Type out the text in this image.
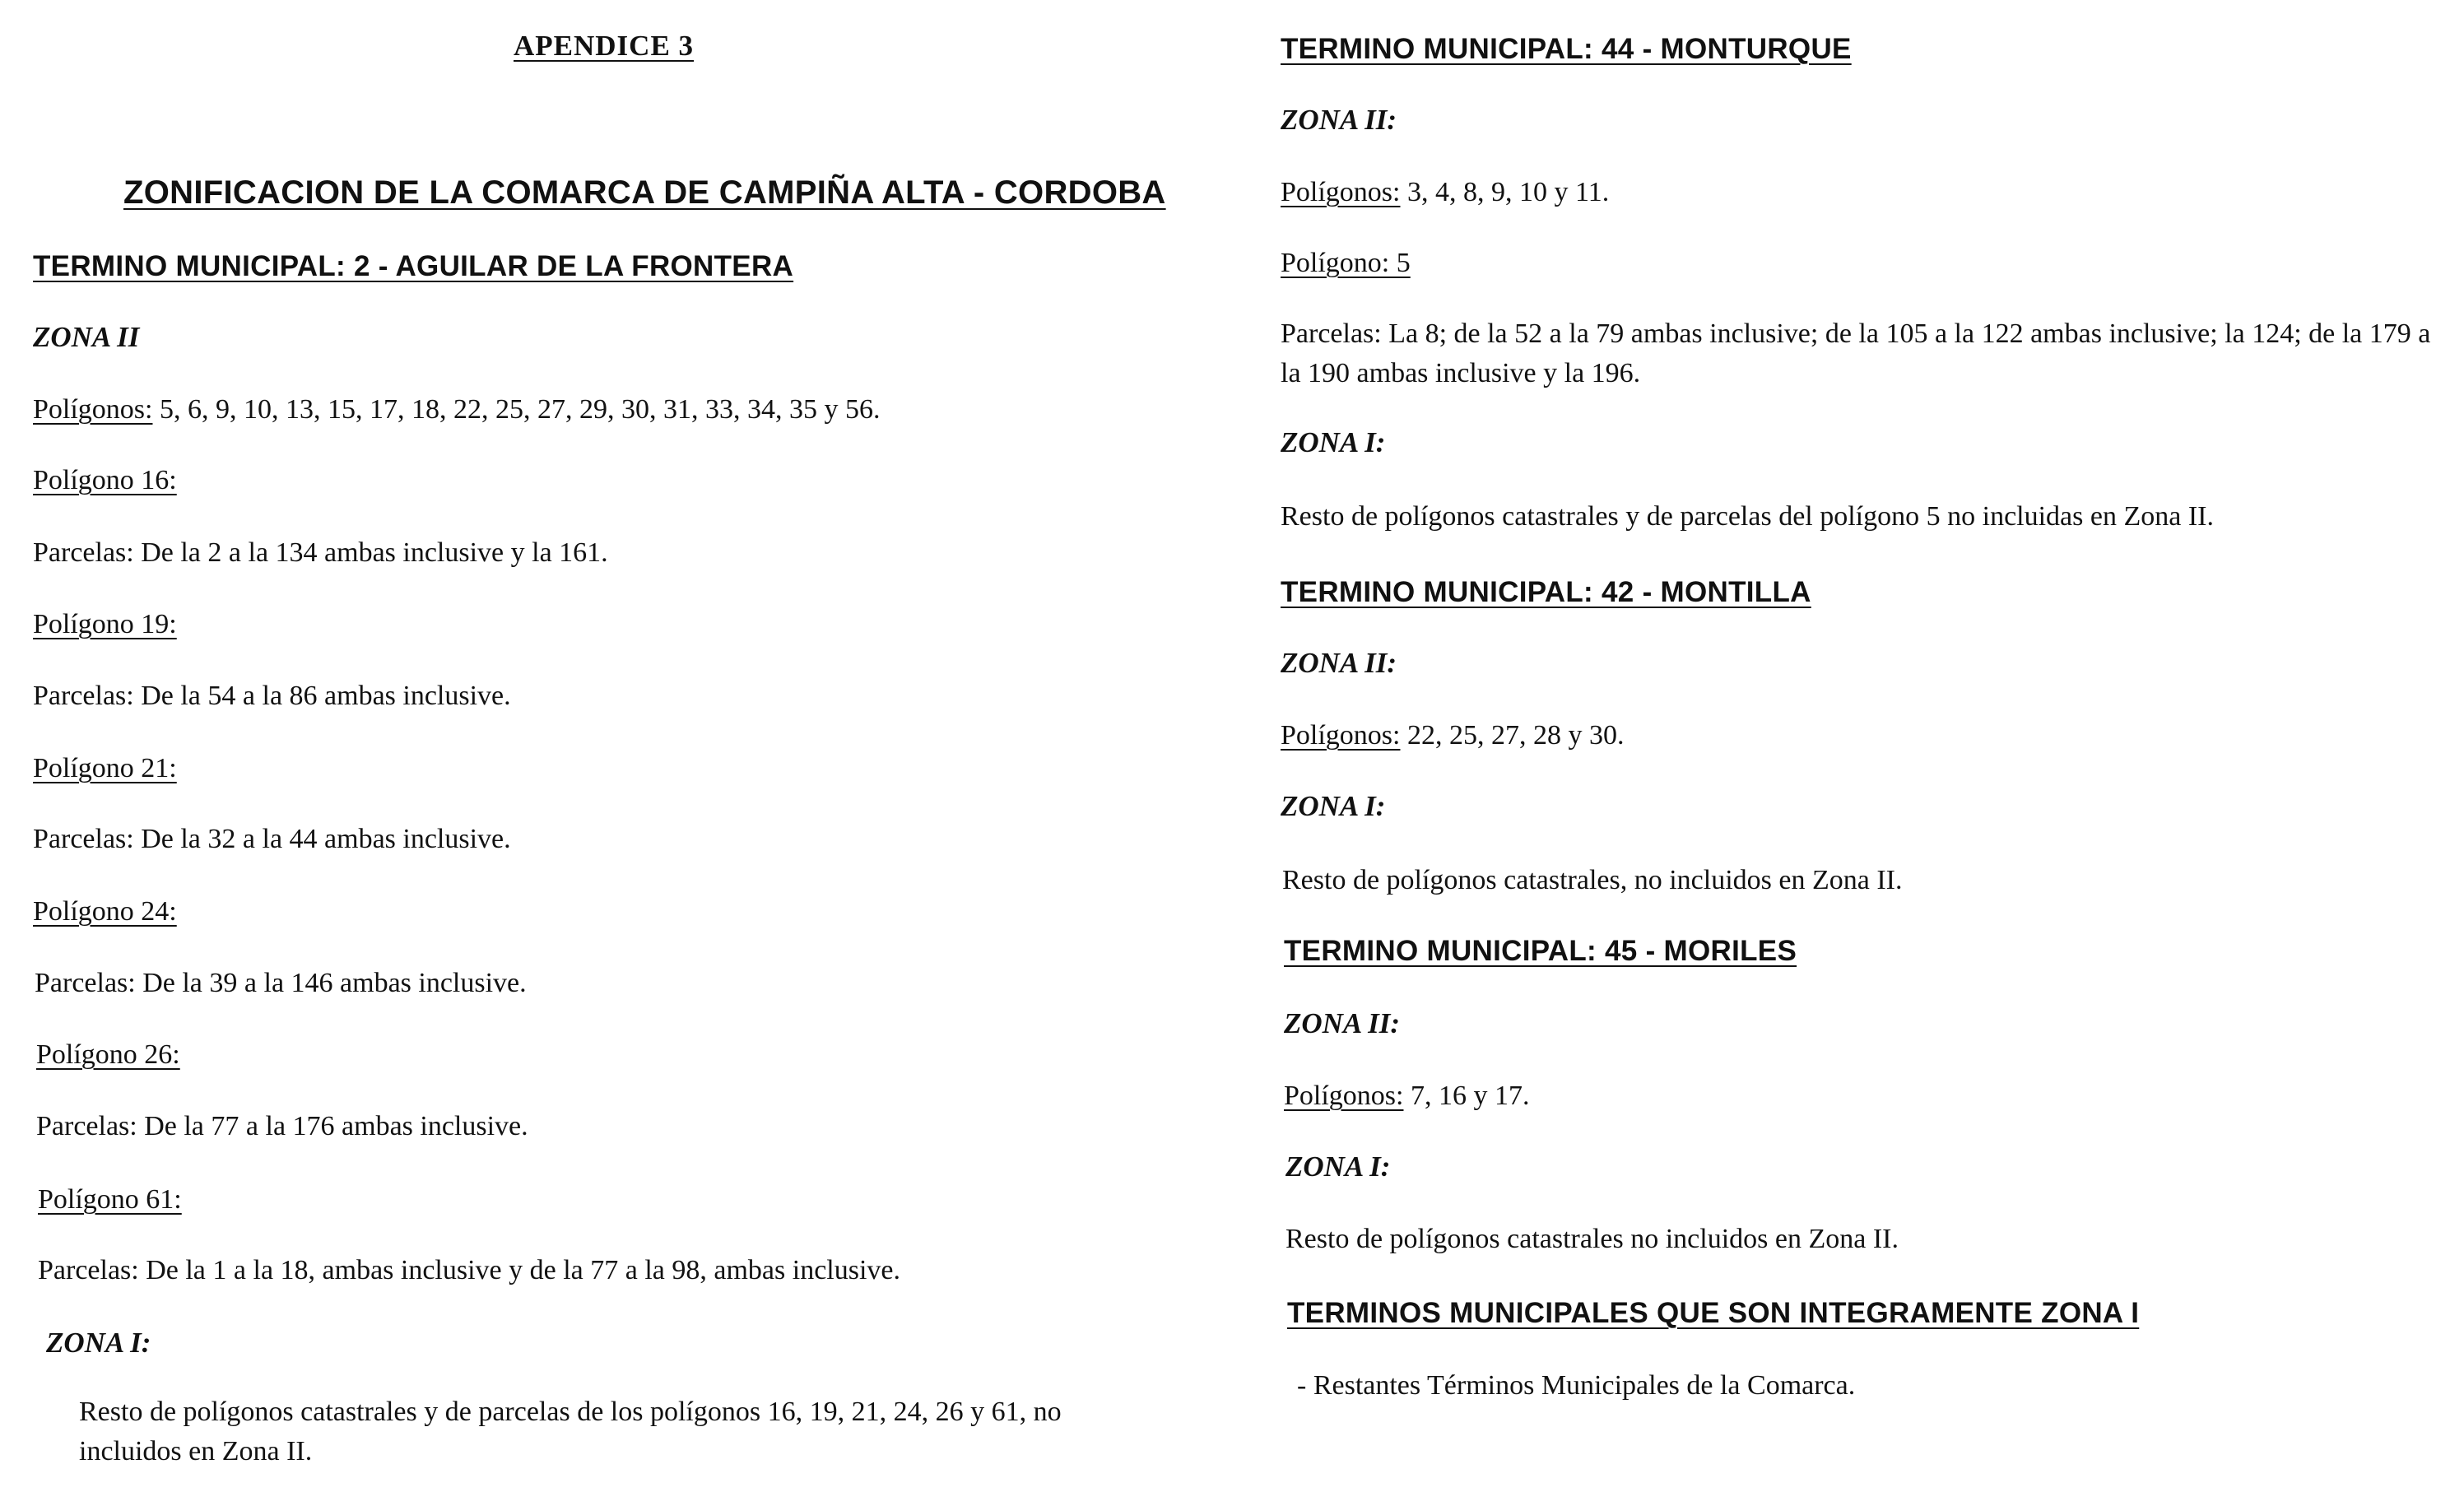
APENDICE 3
ZONIFICACION DE LA COMARCA DE CAMPIÑA ALTA - CORDOBA
TERMINO MUNICIPAL: 2 - AGUILAR DE LA FRONTERA
ZONA II
Polígonos: 5, 6, 9, 10, 13, 15, 17, 18, 22, 25, 27, 29, 30, 31, 33, 34, 35 y 56.
Polígono 16:
Parcelas: De la 2 a la 134 ambas inclusive y la 161.
Polígono 19:
Parcelas: De la 54 a la 86 ambas inclusive.
Polígono 21:
Parcelas: De la 32 a la 44 ambas inclusive.
Polígono 24:
Parcelas: De la 39 a la 146 ambas inclusive.
Polígono 26:
Parcelas: De la 77 a la 176 ambas inclusive.
Polígono 61:
Parcelas: De la 1 a la 18, ambas inclusive y de la 77 a la 98, ambas inclusive.
ZONA I:
Resto de polígonos catastrales y de parcelas de los polígonos 16, 19, 21, 24, 26 y 61, no incluidos en Zona II.
TERMINO MUNICIPAL: 44 - MONTURQUE
ZONA II:
Polígonos: 3, 4, 8, 9, 10 y 11.
Polígono: 5
Parcelas: La 8; de la 52 a la 79 ambas inclusive; de la 105 a la 122 ambas inclusive; la 124; de la 179 a la 190 ambas inclusive y la 196.
ZONA I:
Resto de polígonos catastrales y de parcelas del polígono 5 no incluidas en Zona II.
TERMINO MUNICIPAL: 42 - MONTILLA
ZONA II:
Polígonos: 22, 25, 27, 28 y 30.
ZONA I:
Resto de polígonos catastrales, no incluidos en Zona II.
TERMINO MUNICIPAL: 45 - MORILES
ZONA II:
Polígonos: 7, 16 y 17.
ZONA I:
Resto de polígonos catastrales no incluidos en Zona II.
TERMINOS MUNICIPALES QUE SON INTEGRAMENTE ZONA I
- Restantes Términos Municipales de la Comarca.
